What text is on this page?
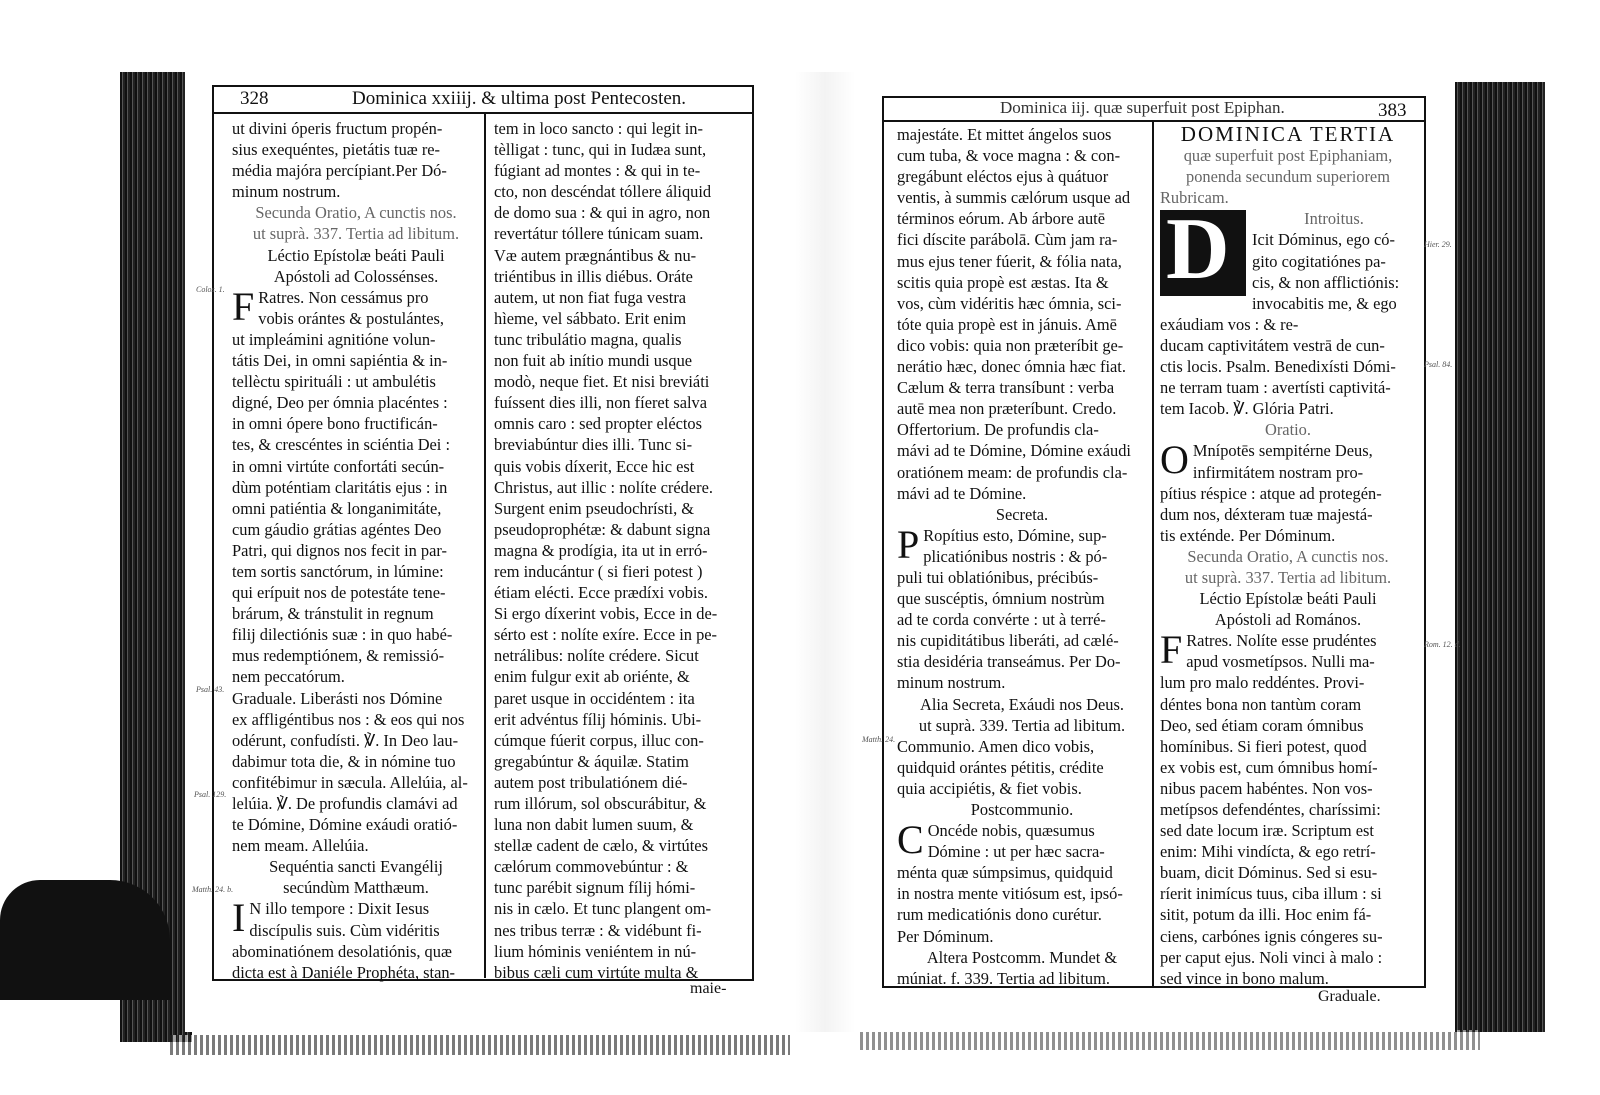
328	Dominica xxiiij. & ultima post Pentecosten.

ut divini óperis fructum propén-

sius exequéntes, pietátis tuæ re-

média majóra percípiant.Per Dó-

minum nostrum.

Secunda Oratio, A cunctis nos.

ut suprà. 337. Tertia ad libitum.

Léctio Epístolæ beáti Pauli

Apóstoli ad Colossénses.

F Ratres. Non cessámus pro

vobis orántes & postulántes,

ut impleámini agnitióne volun-

tátis Dei, in omni sapiéntia & in-

tellèctu spirituáli : ut ambulétis

digné, Deo per ómnia placéntes :

in omni ópere bono fructificán-

tes, & crescéntes in sciéntia Dei :

in omni virtúte confortáti secún-

dùm poténtiam claritátis ejus : in

omni patiéntia & longanimitáte,

cum gáudio grátias agéntes Deo

Patri, qui dignos nos fecit in par-

tem sortis sanctórum, in lúmine:

qui erípuit nos de potestáte tene-

brárum, & tránstulit in regnum

filij dilectiónis suæ : in quo habé-

mus redemptiónem, & remissió-

nem peccatórum.

Graduale. Liberásti nos Dómine

ex affligéntibus nos : & eos qui nos

odérunt, confudísti. ℣. In Deo lau-

dabimur tota die, & in nómine tuo

confitébimur in sæcula. Allelúia, al-

lelúia. ℣. De profundis clamávi ad

te Dómine, Dómine exáudi oratió-

nem meam. Allelúia.

Sequéntia sancti Evangélij

secúndùm Matthæum.

I N illo tempore : Dixit Iesus

discípulis suis. Cùm vidéritis

abominatiónem desolatiónis, quæ

dicta est à Daniéle Prophéta, stan-

tem in loco sancto : qui legit in-

tèlligat : tunc, qui in Iudæa sunt,

fúgiant ad montes : & qui in te-

cto, non descéndat tóllere áliquid

de domo sua : & qui in agro, non

revertátur tóllere túnicam suam.

Væ autem prægnántibus & nu-

triéntibus in illis diébus. Oráte

autem, ut non fiat fuga vestra

hìeme, vel sábbato. Erit enim

tunc tribulátio magna, qualis

non fuit ab inítio mundi usque

modò, neque fiet. Et nisi breviáti

fuíssent dies illi, non fíeret salva

omnis caro : sed propter eléctos

breviabúntur dies illi. Tunc si-

quis vobis díxerit, Ecce hic est

Christus, aut illic : nolíte crédere.

Surgent enim pseudochrísti, &

pseudoprophétæ: & dabunt signa

magna & prodígia, ita ut in erró-

rem inducántur ( si fieri potest )

étiam elécti. Ecce prædíxi vobis.

Si ergo díxerint vobis, Ecce in de-

sérto est : nolíte exíre. Ecce in pe-

netrálibus: nolíte crédere. Sicut

enim fulgur exit ab oriénte, &

paret usque in occidéntem : ita

erit advéntus fílij hóminis. Ubi-

cúmque fúerit corpus, illuc con-

gregabúntur & áquilæ. Statim

autem post tribulatiónem dié-

rum illórum, sol obscurábitur, &

luna non dabit lumen suum, &

stellæ cadent de cælo, & virtútes

cælórum commovebúntur : &

tunc parébit signum fílij hómi-

nis in cælo. Et tunc plangent om-

nes tribus terræ : & vidébunt fi-

lium hóminis veniéntem in nú-

bibus cæli cum virtúte multa &

maie-
Colos. 1.
Psal. 43.
Psal. 129.
Matth. 24. b.
Dominica iij. quæ superfuit post Epiphan.	383

majestáte. Et mittet ángelos suos

cum tuba, & voce magna : & con-

gregábunt eléctos ejus à quátuor

ventis, à summis cælórum usque ad

términos eórum. Ab árbore autē

fici díscite parábolā. Cùm jam ra-

mus ejus tener fúerit, & fólia nata,

scitis quia propè est æstas. Ita &

vos, cùm vidéritis hæc ómnia, sci-

tóte quia propè est in jánuis. Amē

dico vobis: quia non præteríbit ge-

nerátio hæc, donec ómnia hæc fiat.

Cælum & terra transíbunt : verba

autē mea non præteríbunt. Credo.

Offertorium. De profundis cla-

mávi ad te Dómine, Dómine exáudi

oratiónem meam: de profundis cla-

mávi ad te Dómine.

Secreta.

P Ropítius esto, Dómine, sup-

plicatiónibus nostris : & pó-

puli tui oblatiónibus, précibús-

que suscéptis, ómnium nostrùm

ad te corda convérte : ut à terré-

nis cupiditátibus liberáti, ad cælé-

stia desidéria transeámus. Per Do-

minum nostrum.

Alia Secreta, Exáudi nos Deus.

ut suprà. 339. Tertia ad libitum.

Communio. Amen dico vobis,

quidquid orántes pétitis, crédite

quia accipiétis, & fiet vobis.

Postcommunio.

C Oncéde nobis, quæsumus

Dómine : ut per hæc sacra-

ménta quæ súmpsimus, quidquid

in nostra mente vitiósum est, ipsó-

rum medicatiónis dono curétur.

Per Dóminum.

Altera Postcomm. Mundet &

múniat. f. 339. Tertia ad libitum.

DOMINICA TERTIA

quæ superfuit post Epiphaniam,

ponenda secundum superiorem

Rubricam.

D	Introitus.

Icit Dóminus, ego có-

gito cogitatiónes pa-

cis, & non afflictiónis:

invocabitis me, & ego

exáudiam vos : & re-

ducam captivitátem vestrā de cun-

ctis locis. Psalm. Benedixísti Dómi-

ne terram tuam : avertísti captivitá-

tem Iacob. ℣. Glória Patri.

Oratio.

O Mnípotēs sempitérne Deus,

infirmitátem nostram pro-

pítius réspice : atque ad protegén-

dum nos, déxteram tuæ majestá-

tis exténde. Per Dóminum.

Secunda Oratio, A cunctis nos.

ut suprà. 337. Tertia ad libitum.

Léctio Epístolæ beáti Pauli

Apóstoli ad Romános.

F Ratres. Nolíte esse prudéntes

apud vosmetípsos. Nulli ma-

lum pro malo reddéntes. Provi-

déntes bona non tantùm coram

Deo, sed étiam coram ómnibus

homínibus. Si fieri potest, quod

ex vobis est, cum ómnibus homí-

nibus pacem habéntes. Non vos-

metípsos defendéntes, charíssimi:

sed date locum iræ. Scriptum est

enim: Mihi vindícta, & ego retrí-

buam, dicit Dóminus. Sed si esu-

ríerit inimícus tuus, ciba illum : si

sitit, potum da illi. Hoc enim fá-

ciens, carbónes ignis cóngeres su-

per caput ejus. Noli vinci à malo :

sed vince in bono malum.

Graduale.
Matth. 24.
Hier. 29.
Psal. 84.
Rom. 12. d.
